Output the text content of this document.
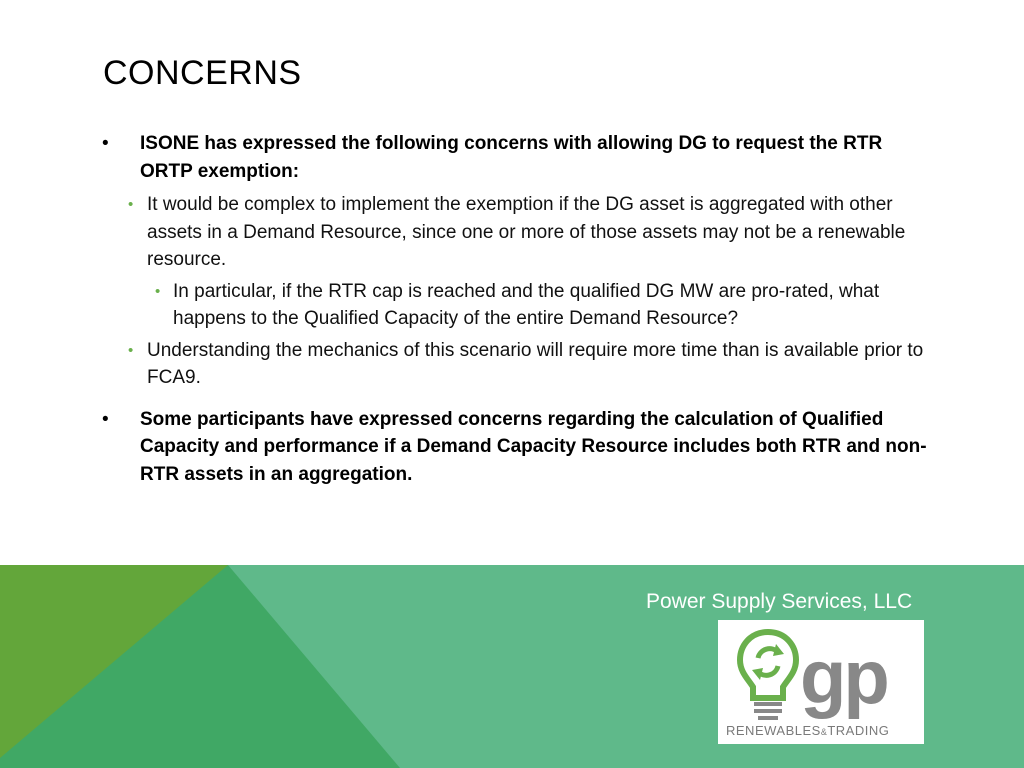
CONCERNS
• ISONE has expressed the following concerns with allowing DG to request the RTR ORTP exemption:
• It would be complex to implement the exemption if the DG asset is aggregated with other assets in a Demand Resource, since one or more of those assets may not be a renewable resource.
• In particular, if the RTR cap is reached and the qualified DG MW are pro-rated, what happens to the Qualified Capacity of the entire Demand Resource?
• Understanding the mechanics of this scenario will require more time than is available prior to FCA9.
• Some participants have expressed concerns regarding the calculation of Qualified Capacity and performance if a Demand Capacity Resource includes both RTR and non-RTR assets in an aggregation.
Power Supply Services, LLC
gp
RENEWABLES&TRADING
